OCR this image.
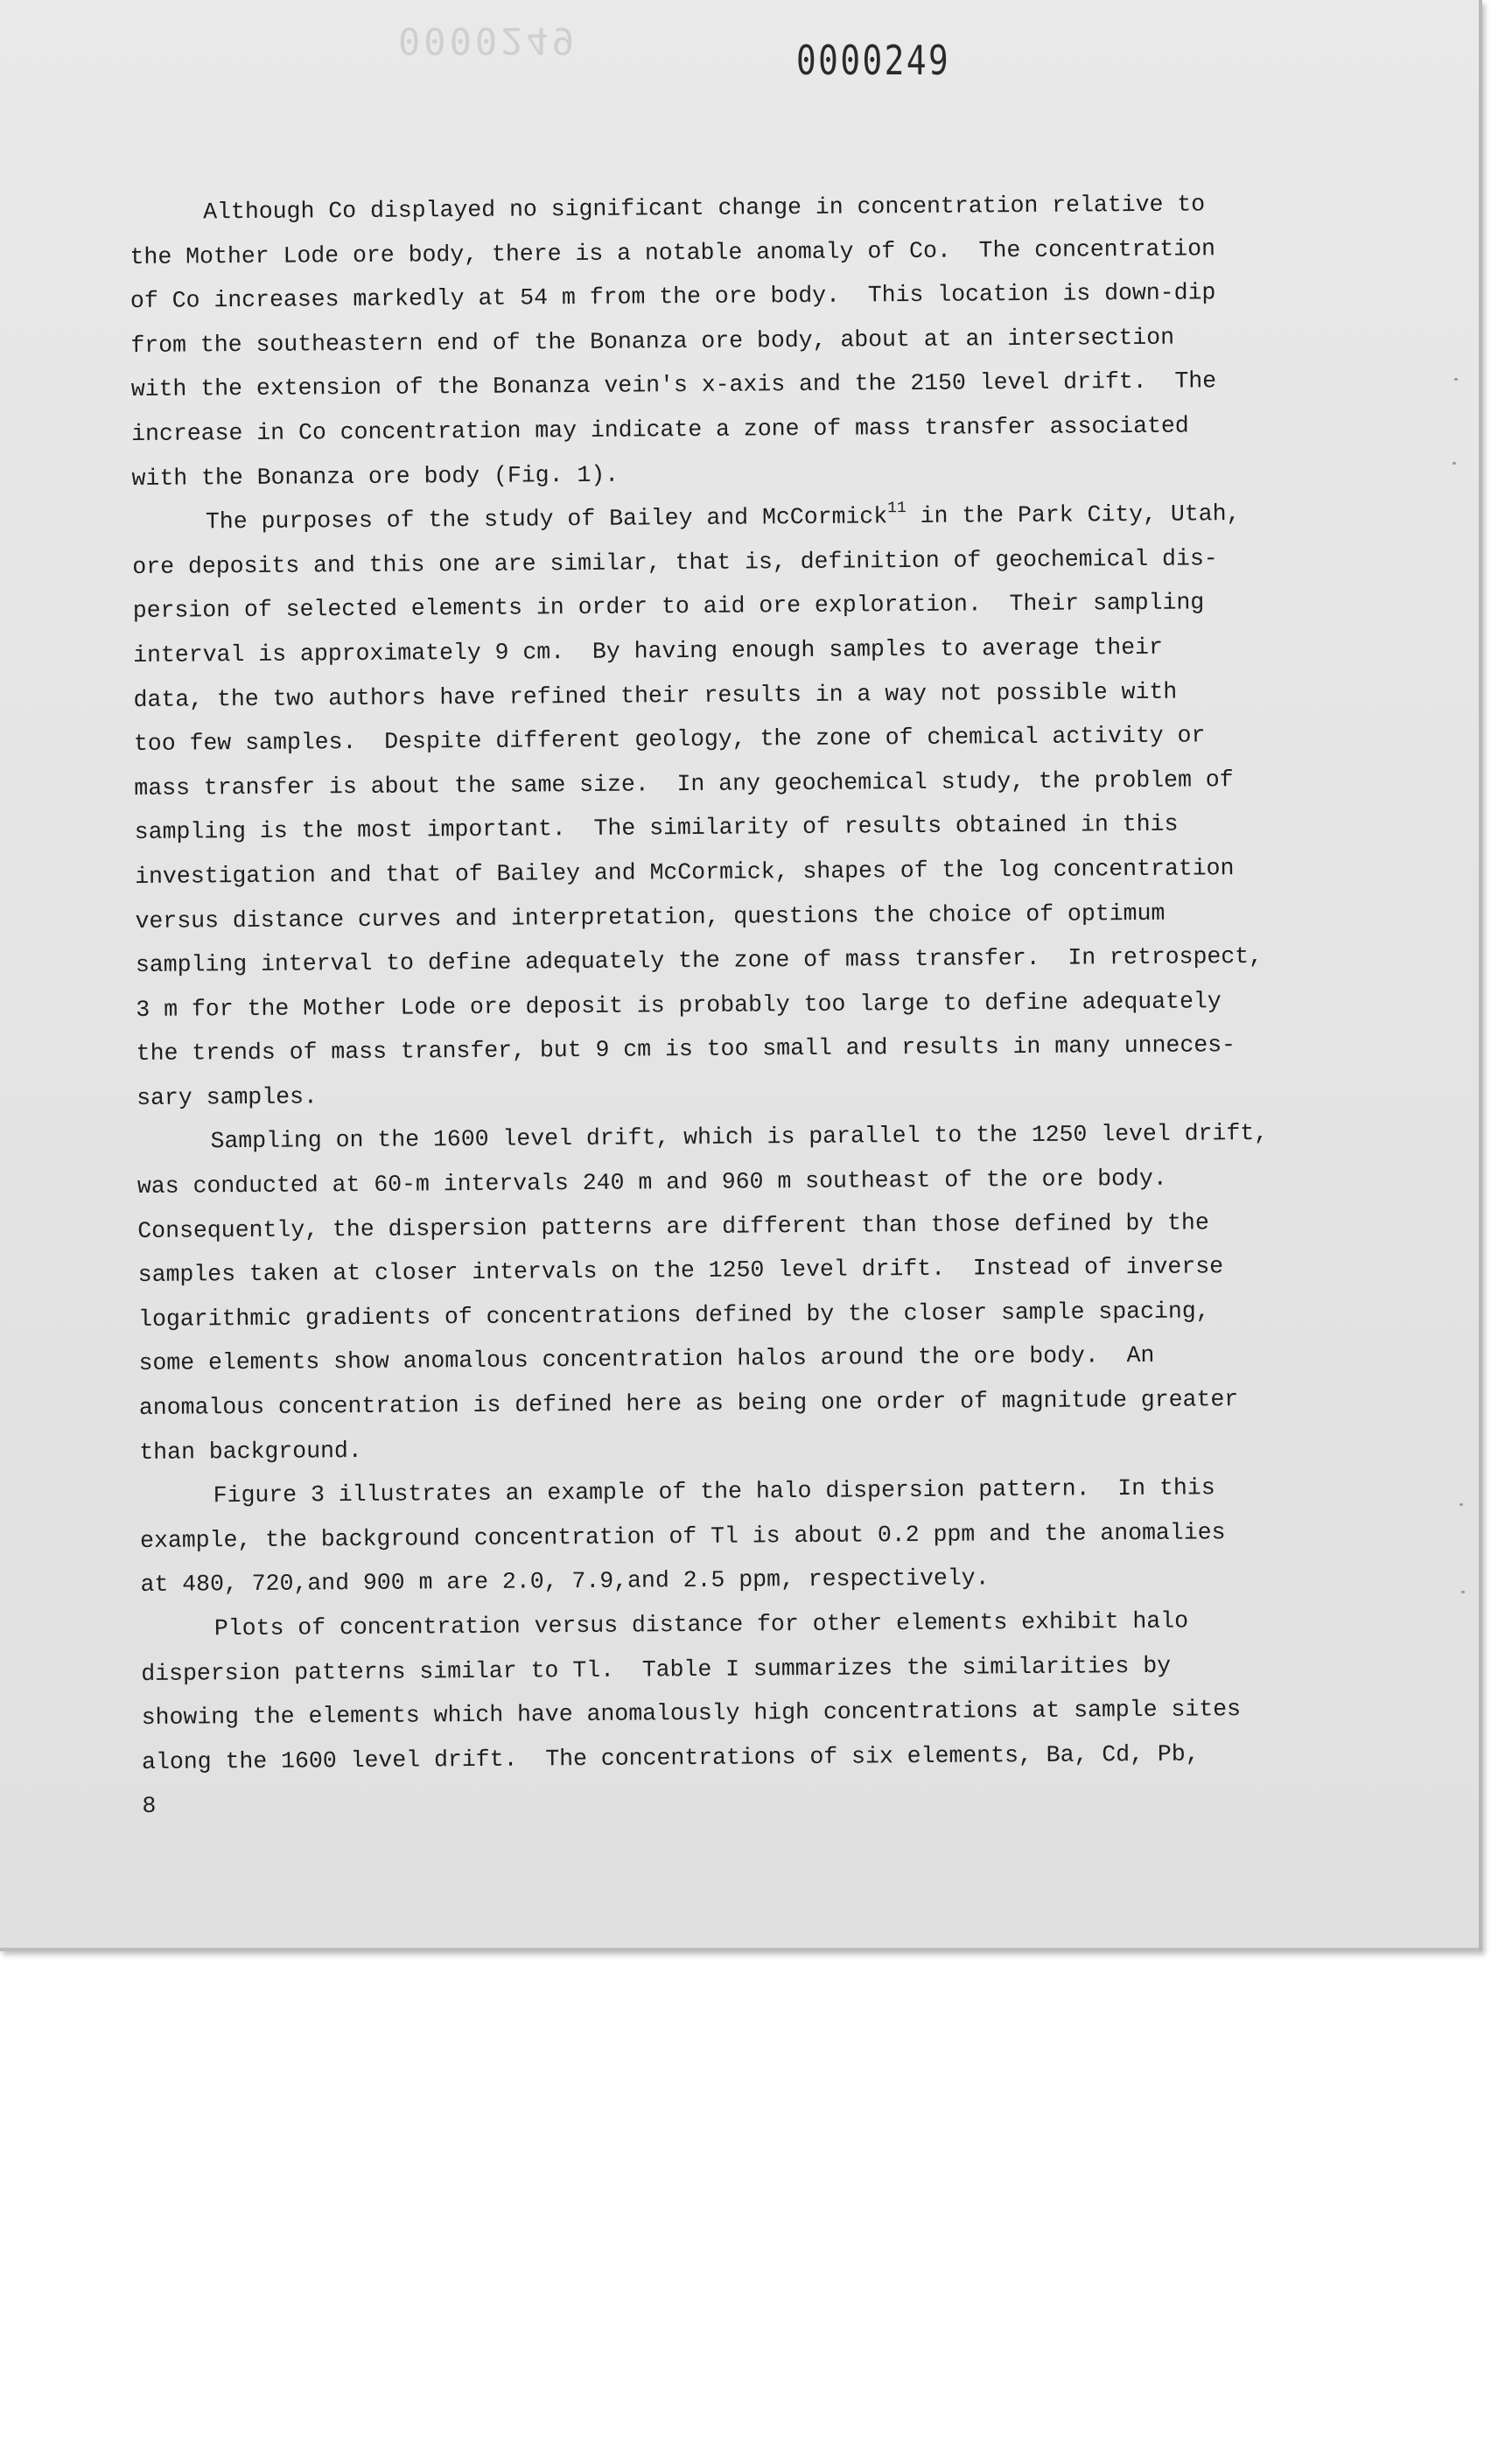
0000249	0000249
Although Co displayed no significant change in concentration relative to
the Mother Lode ore body, there is a notable anomaly of Co.  The concentration
of Co increases markedly at 54 m from the ore body.  This location is down-dip
from the southeastern end of the Bonanza ore body, about at an intersection
with the extension of the Bonanza vein's x-axis and the 2150 level drift.  The
increase in Co concentration may indicate a zone of mass transfer associated
with the Bonanza ore body (Fig. 1).
The purposes of the study of Bailey and McCormick$^{11}$ in the Park City, Utah,
ore deposits and this one are similar, that is, definition of geochemical dis-
persion of selected elements in order to aid ore exploration.  Their sampling
interval is approximately 9 cm.  By having enough samples to average their
data, the two authors have refined their results in a way not possible with
too few samples.  Despite different geology, the zone of chemical activity or
mass transfer is about the same size.  In any geochemical study, the problem of
sampling is the most important.  The similarity of results obtained in this
investigation and that of Bailey and McCormick, shapes of the log concentration
versus distance curves and interpretation, questions the choice of optimum
sampling interval to define adequately the zone of mass transfer.  In retrospect,
3 m for the Mother Lode ore deposit is probably too large to define adequately
the trends of mass transfer, but 9 cm is too small and results in many unneces-
sary samples.
Sampling on the 1600 level drift, which is parallel to the 1250 level drift,
was conducted at 60-m intervals 240 m and 960 m southeast of the ore body.
Consequently, the dispersion patterns are different than those defined by the
samples taken at closer intervals on the 1250 level drift.  Instead of inverse
logarithmic gradients of concentrations defined by the closer sample spacing,
some elements show anomalous concentration halos around the ore body.  An
anomalous concentration is defined here as being one order of magnitude greater
than background.
Figure 3 illustrates an example of the halo dispersion pattern.  In this
example, the background concentration of Tl is about 0.2 ppm and the anomalies
at 480, 720,and 900 m are 2.0, 7.9,and 2.5 ppm, respectively.
Plots of concentration versus distance for other elements exhibit halo
dispersion patterns similar to Tl.  Table I summarizes the similarities by
showing the elements which have anomalously high concentrations at sample sites
along the 1600 level drift.  The concentrations of six elements, Ba, Cd, Pb,
8
